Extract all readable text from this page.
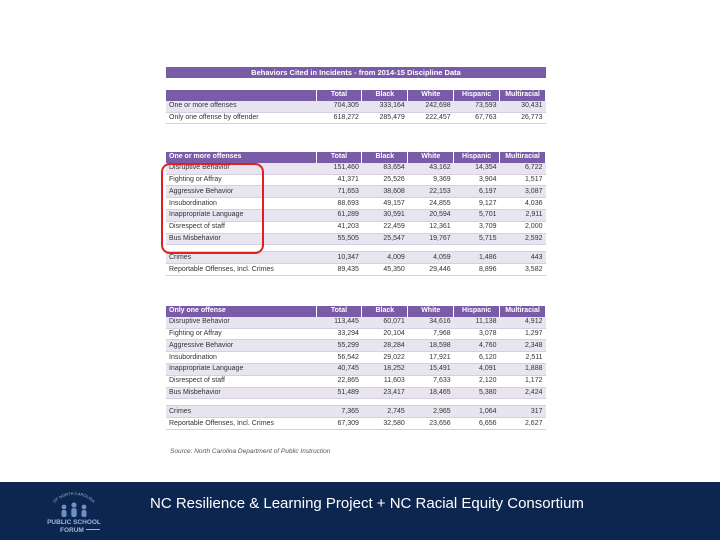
Behaviors Cited in Incidents - from 2014-15 Discipline Data
	Total	Black	White	Hispanic	Multiracial
One or more offenses	704,305	333,164	242,698	73,593	30,431
Only one offense by offender	618,272	285,479	222,457	67,763	26,773
One or more offenses	Total	Black	White	Hispanic	Multiracial
Disruptive Behavior	151,460	83,654	43,162	14,354	6,722
Fighting or Affray	41,371	25,526	9,369	3,904	1,517
Aggressive Behavior	71,653	38,608	22,153	6,197	3,087
Insubordination	88,693	49,157	24,855	9,127	4,036
Inappropriate Language	61,289	30,591	20,594	5,701	2,911
Disrespect of staff	41,203	22,459	12,361	3,709	2,000
Bus Misbehavior	55,505	25,547	19,767	5,715	2,592

Crimes	10,347	4,009	4,059	1,486	443
Reportable Offenses, Incl. Crimes	89,435	45,350	29,446	8,896	3,582
Only one offense	Total	Black	White	Hispanic	Multiracial
Disruptive Behavior	113,445	60,071	34,616	11,138	4,912
Fighting or Affray	33,294	20,104	7,968	3,078	1,297
Aggressive Behavior	55,299	28,284	18,598	4,760	2,348
Insubordination	56,542	29,022	17,921	6,120	2,511
Inappropriate Language	40,745	18,252	15,491	4,091	1,888
Disrespect of staff	22,865	11,603	7,633	2,120	1,172
Bus Misbehavior	51,489	23,417	18,465	5,380	2,424

Crimes	7,365	2,745	2,965	1,064	317
Reportable Offenses, Incl. Crimes	67,309	32,580	23,656	6,656	2,627
Source: North Carolina Department of Public Instruction
OF NORTH CAROLINA
PUBLIC SCHOOL
FORUM
NC Resilience & Learning Project + NC Racial Equity Consortium
